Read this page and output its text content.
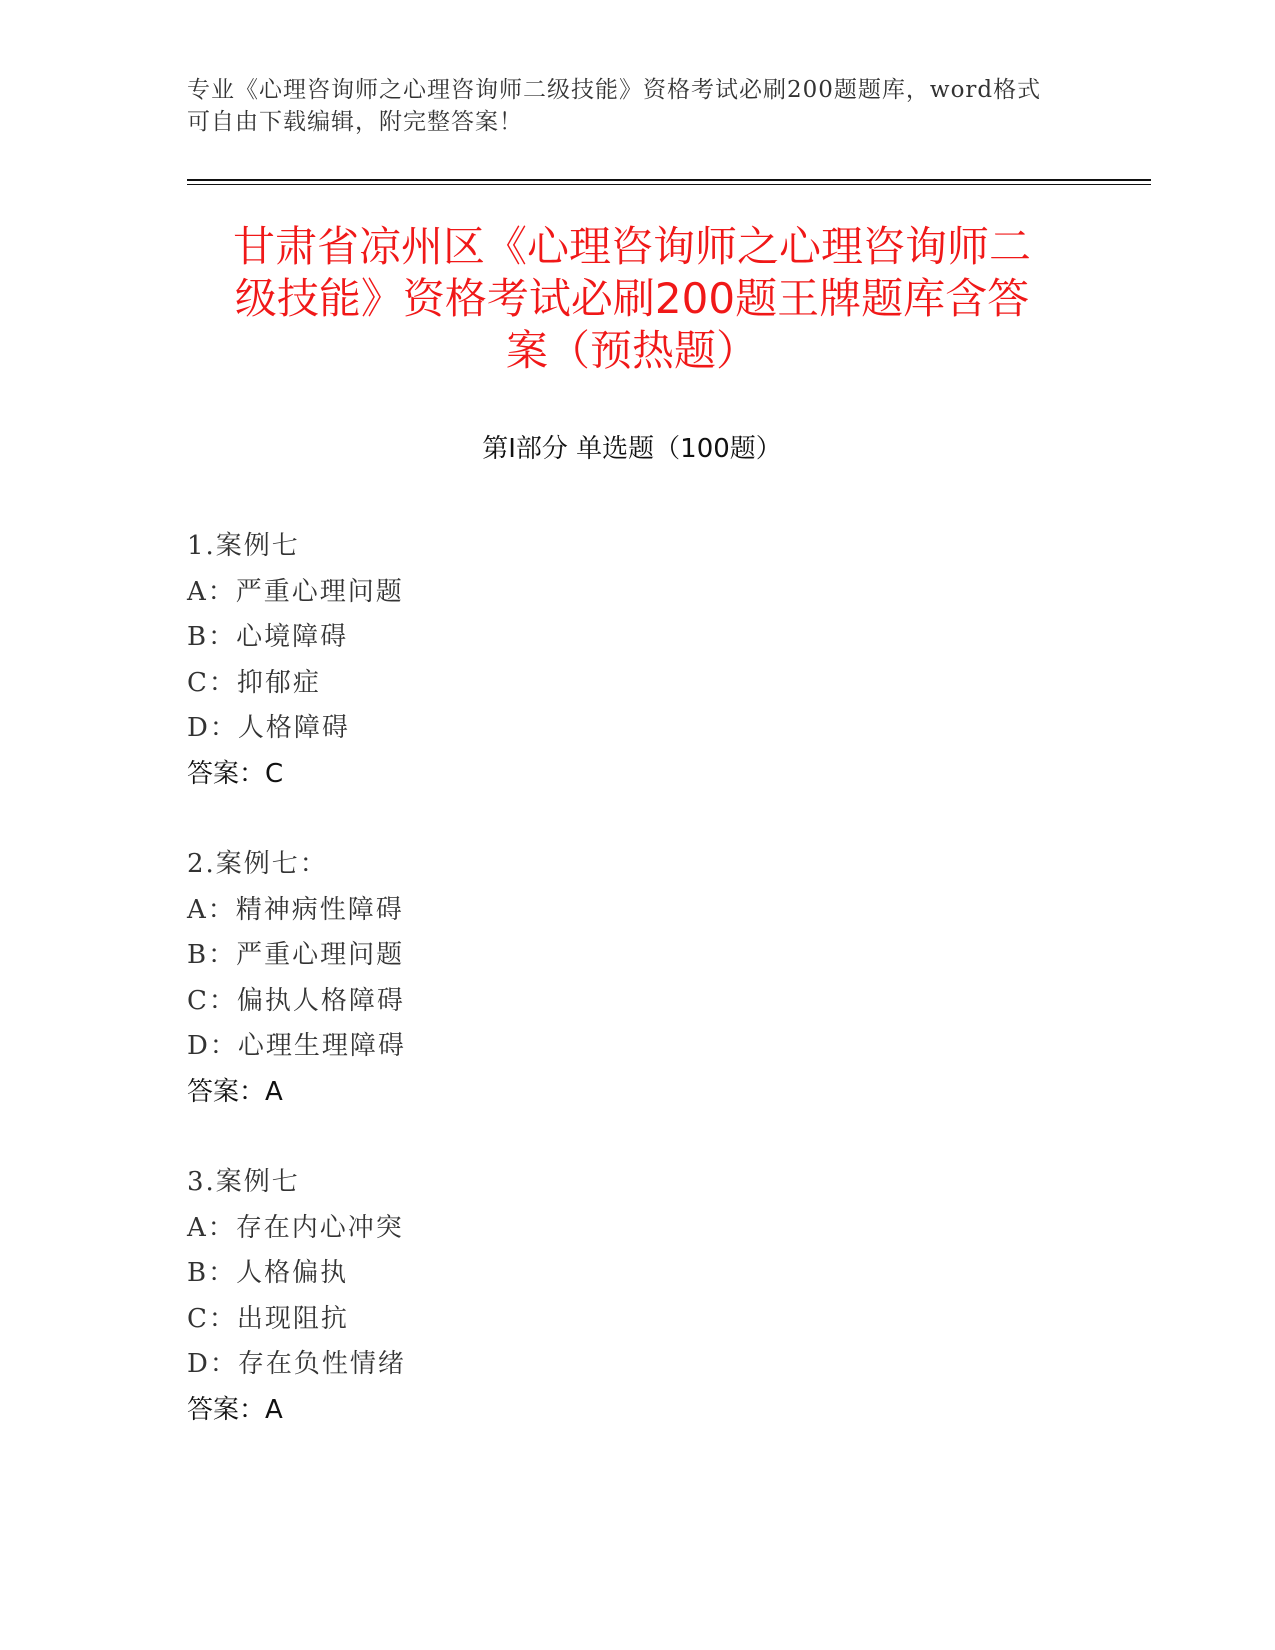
专业《心理咨询师之心理咨询师二级技能》资格考试必刷200题题库，word格式
可自由下载编辑，附完整答案！
甘肃省凉州区《心理咨询师之心理咨询师二
级技能》资格考试必刷200题王牌题库含答
案（预热题）
第Ⅰ部分 单选题（100题）
1.案例七
A：严重心理问题
B：心境障碍
C：抑郁症
D：人格障碍
答案：C
2.案例七：
A：精神病性障碍
B：严重心理问题
C：偏执人格障碍
D：心理生理障碍
答案：A
3.案例七
A：存在内心冲突
B：人格偏执
C：出现阻抗
D：存在负性情绪
答案：A
